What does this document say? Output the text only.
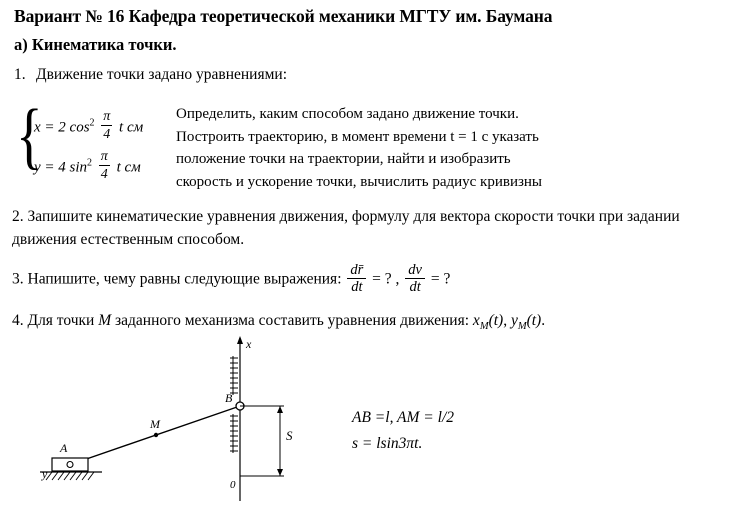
Вариант № 16 Кафедра теоретической механики МГТУ им. Баумана
а) Кинематика точки.
1. Движение точки задано уравнениями:
{
x = 2 $\cos^2 \frac{\pi}{4}$ t см
y = 4 $\sin^2 \frac{\pi}{4}$ t см
Определить, каким способом задано движение точки.
Построить траекторию, в момент времени t = 1 с указать
положение точки на траектории, найти и изобразить
скорость и ускорение точки, вычислить радиус кривизны
2. Запишите кинематические уравнения движения, формулу для вектора скорости точки при задании движения естественным способом.
3. Напишите, чему равны следующие выражения: $\frac{dr̄}{dt}$ = ? , $\frac{dv}{dt}$ = ?
4. Для точки M заданного механизма составить уравнения движения: $x_M(t)$, $y_M(t)$.
x
B
M
A
y
S
0
AB =l, AM = l/2
s = lsin3πt.
